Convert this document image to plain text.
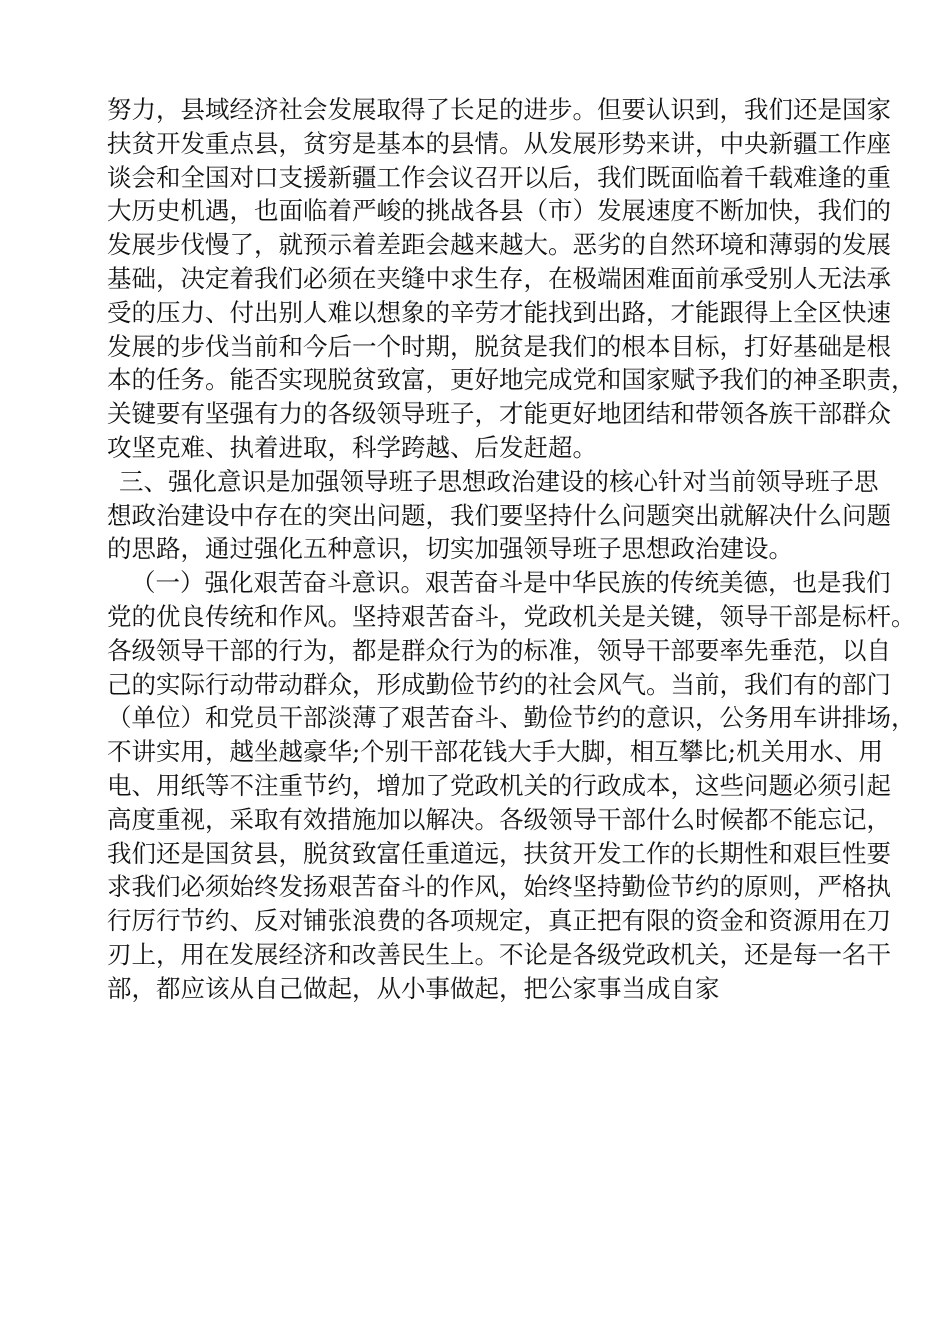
努力，县域经济社会发展取得了长足的进步。但要认识到，我们还是国家
扶贫开发重点县，贫穷是基本的县情。从发展形势来讲，中央新疆工作座
谈会和全国对口支援新疆工作会议召开以后，我们既面临着千载难逢的重
大历史机遇，也面临着严峻的挑战各县（市）发展速度不断加快，我们的
发展步伐慢了，就预示着差距会越来越大。恶劣的自然环境和薄弱的发展
基础，决定着我们必须在夹缝中求生存，在极端困难面前承受别人无法承
受的压力、付出别人难以想象的辛劳才能找到出路，才能跟得上全区快速
发展的步伐当前和今后一个时期，脱贫是我们的根本目标，打好基础是根
本的任务。能否实现脱贫致富，更好地完成党和国家赋予我们的神圣职责，
关键要有坚强有力的各级领导班子，才能更好地团结和带领各族干部群众
攻坚克难、执着进取，科学跨越、后发赶超。
三、强化意识是加强领导班子思想政治建设的核心针对当前领导班子思
想政治建设中存在的突出问题，我们要坚持什么问题突出就解决什么问题
的思路，通过强化五种意识，切实加强领导班子思想政治建设。
（一）强化艰苦奋斗意识。艰苦奋斗是中华民族的传统美德，也是我们
党的优良传统和作风。坚持艰苦奋斗，党政机关是关键，领导干部是标杆。
各级领导干部的行为，都是群众行为的标准，领导干部要率先垂范，以自
己的实际行动带动群众，形成勤俭节约的社会风气。当前，我们有的部门
（单位）和党员干部淡薄了艰苦奋斗、勤俭节约的意识，公务用车讲排场，
不讲实用，越坐越豪华;个别干部花钱大手大脚，相互攀比;机关用水、用
电、用纸等不注重节约，增加了党政机关的行政成本，这些问题必须引起
高度重视，采取有效措施加以解决。各级领导干部什么时候都不能忘记，
我们还是国贫县，脱贫致富任重道远，扶贫开发工作的长期性和艰巨性要
求我们必须始终发扬艰苦奋斗的作风，始终坚持勤俭节约的原则，严格执
行厉行节约、反对铺张浪费的各项规定，真正把有限的资金和资源用在刀
刃上，用在发展经济和改善民生上。不论是各级党政机关，还是每一名干
部，都应该从自己做起，从小事做起，把公家事当成自家
